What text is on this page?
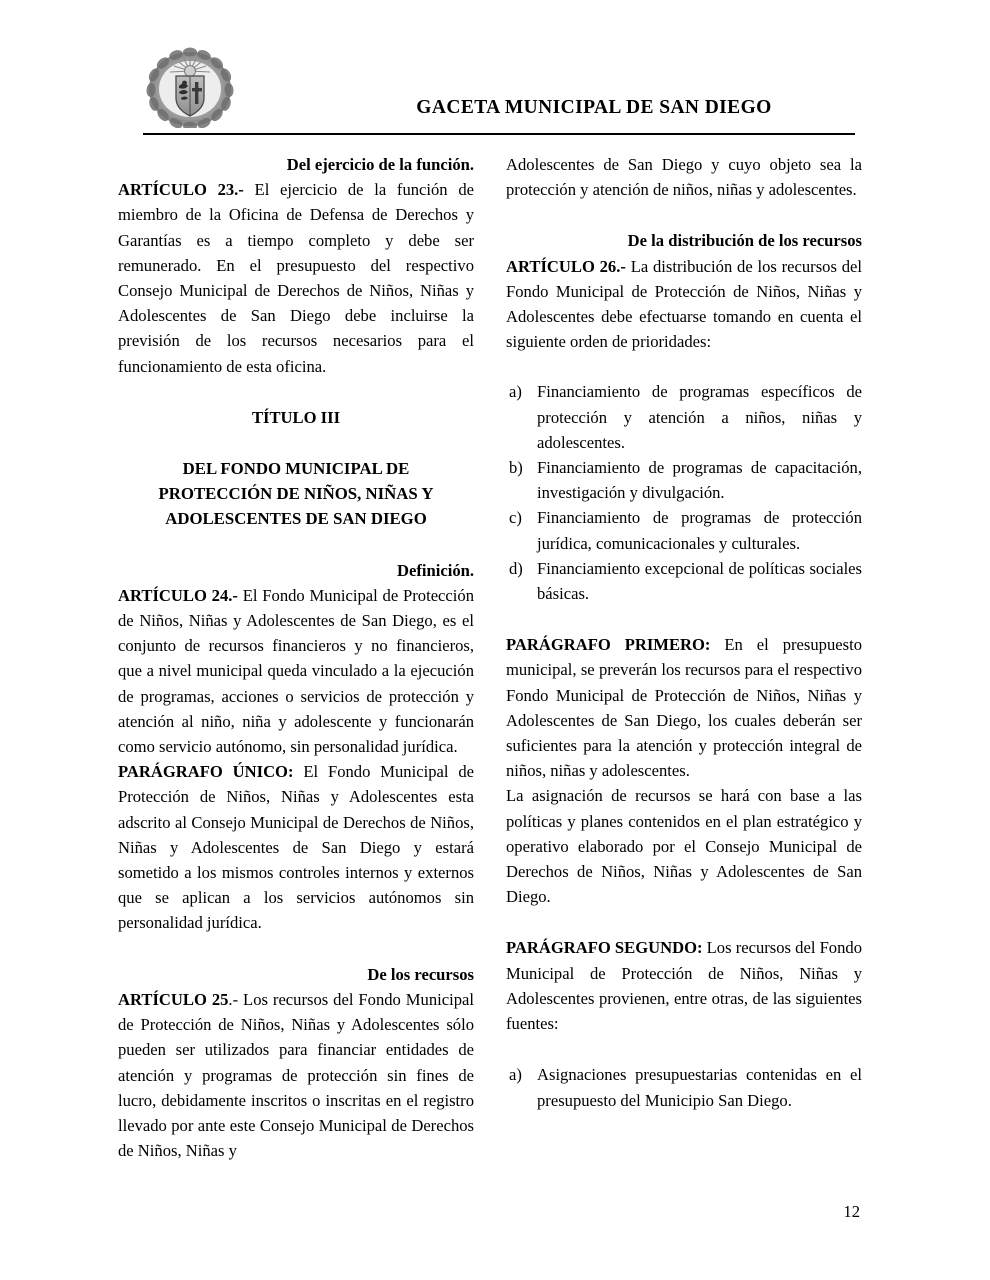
GACETA MUNICIPAL DE SAN DIEGO

Del ejercicio de la función.

ARTÍCULO 23.- El ejercicio de la función de miembro de la Oficina de Defensa de Derechos y Garantías es a tiempo completo y debe ser remunerado. En el presupuesto del respectivo Consejo Municipal de Derechos de Niños, Niñas y Adolescentes de San Diego debe incluirse la previsión de los recursos necesarios para el funcionamiento de esta oficina.

TÍTULO III

DEL FONDO MUNICIPAL DE
PROTECCIÓN DE NIÑOS, NIÑAS Y
ADOLESCENTES DE SAN DIEGO

Definición.

ARTÍCULO 24.- El Fondo Municipal de Protección de Niños, Niñas y Adolescentes de San Diego, es el conjunto de recursos financieros y no financieros, que a nivel municipal queda vinculado a la ejecución de programas, acciones o servicios de protección y atención al niño, niña y adolescente y funcionarán como servicio autónomo, sin personalidad jurídica.

PARÁGRAFO ÚNICO: El Fondo Municipal de Protección de Niños, Niñas y Adolescentes esta adscrito al Consejo Municipal de Derechos de Niños, Niñas y Adolescentes de San Diego y estará sometido a los mismos controles internos y externos que se aplican a los servicios autónomos sin personalidad jurídica.

De los recursos

ARTÍCULO 25.- Los recursos del Fondo Municipal de Protección de Niños, Niñas y Adolescentes sólo pueden ser utilizados para financiar entidades de atención y programas de protección sin fines de lucro, debidamente inscritos o inscritas en el registro llevado por ante este Consejo Municipal de Derechos de Niños, Niñas y

Adolescentes de San Diego y cuyo objeto sea la protección y atención de niños, niñas y adolescentes.

De la distribución de los recursos

ARTÍCULO 26.- La distribución de los recursos del Fondo Municipal de Protección de Niños, Niñas y Adolescentes debe efectuarse tomando en cuenta el siguiente orden de prioridades:

a) Financiamiento de programas específicos de protección y atención a niños, niñas y adolescentes.
b) Financiamiento de programas de capacitación, investigación y divulgación.
c) Financiamiento de programas de protección jurídica, comunicacionales y culturales.
d) Financiamiento excepcional de políticas sociales básicas.

PARÁGRAFO PRIMERO: En el presupuesto municipal, se preverán los recursos para el respectivo Fondo Municipal de Protección de Niños, Niñas y Adolescentes de San Diego, los cuales deberán ser suficientes para la atención y protección integral de niños, niñas y adolescentes.

La asignación de recursos se hará con base a las políticas y planes contenidos en el plan estratégico y operativo elaborado por el Consejo Municipal de Derechos de Niños, Niñas y Adolescentes de San Diego.

PARÁGRAFO SEGUNDO: Los recursos del Fondo Municipal de Protección de Niños, Niñas y Adolescentes provienen, entre otras, de las siguientes fuentes:

a) Asignaciones presupuestarias contenidas en el presupuesto del Municipio San Diego.
12
